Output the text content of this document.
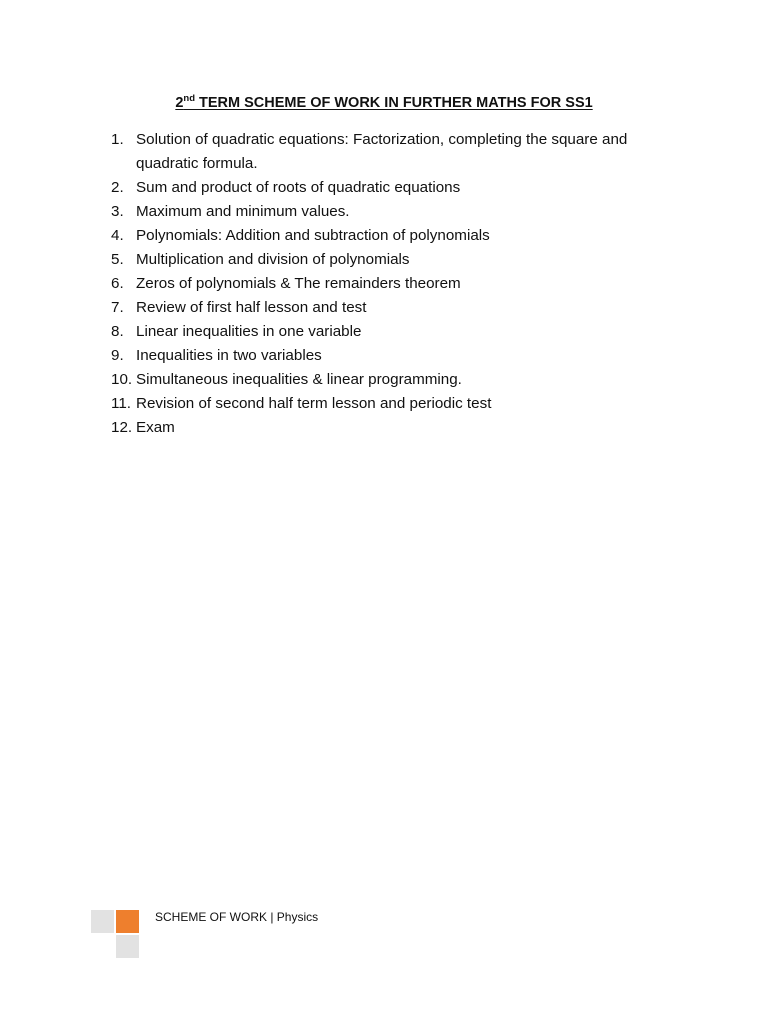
2nd TERM SCHEME OF WORK IN FURTHER MATHS FOR SS1
1. Solution of quadratic equations: Factorization, completing the square and quadratic formula.
2. Sum and product of roots of quadratic equations
3. Maximum and minimum values.
4. Polynomials: Addition and subtraction of polynomials
5. Multiplication and division of polynomials
6. Zeros of polynomials & The remainders theorem
7. Review of first half lesson and test
8. Linear inequalities in one variable
9. Inequalities in two variables
10. Simultaneous inequalities & linear programming.
11. Revision of second half term lesson and periodic test
12. Exam
SCHEME OF WORK | Physics
